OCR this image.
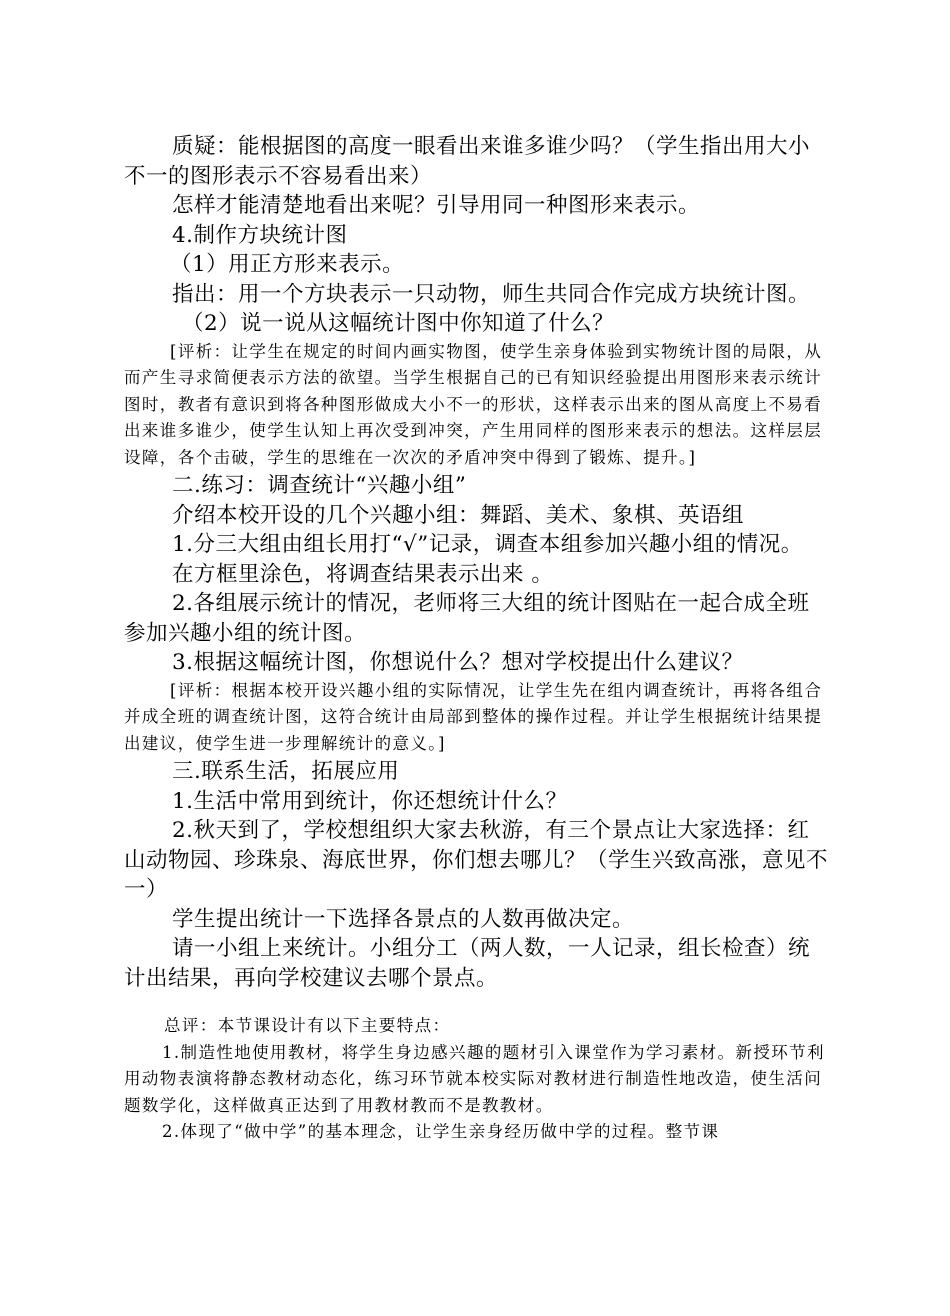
质疑：能根据图的高度一眼看出来谁多谁少吗？（学生指出用大小不一的图形表示不容易看出来）

怎样才能清楚地看出来呢？引导用同一种图形来表示。

4.制作方块统计图

（1）用正方形来表示。

指出：用一个方块表示一只动物，师生共同合作完成方块统计图。

（2）说一说从这幅统计图中你知道了什么？

[评析：让学生在规定的时间内画实物图，使学生亲身体验到实物统计图的局限，从而产生寻求简便表示方法的欲望。当学生根据自己的已有知识经验提出用图形来表示统计图时，教者有意识到将各种图形做成大小不一的形状，这样表示出来的图从高度上不易看出来谁多谁少，使学生认知上再次受到冲突，产生用同样的图形来表示的想法。这样层层设障，各个击破，学生的思维在一次次的矛盾冲突中得到了锻炼、提升。]

二.练习：调查统计“兴趣小组”

介绍本校开设的几个兴趣小组：舞蹈、美术、象棋、英语组

1.分三大组由组长用打“√”记录，调查本组参加兴趣小组的情况。

在方框里涂色，将调查结果表示出来 。

2.各组展示统计的情况，老师将三大组的统计图贴在一起合成全班参加兴趣小组的统计图。

3.根据这幅统计图，你想说什么？想对学校提出什么建议？

[评析：根据本校开设兴趣小组的实际情况，让学生先在组内调查统计，再将各组合并成全班的调查统计图，这符合统计由局部到整体的操作过程。并让学生根据统计结果提出建议，使学生进一步理解统计的意义。]

三.联系生活，拓展应用

1.生活中常用到统计，你还想统计什么？

2.秋天到了，学校想组织大家去秋游，有三个景点让大家选择：红山动物园、珍珠泉、海底世界，你们想去哪儿？（学生兴致高涨，意见不一）

学生提出统计一下选择各景点的人数再做决定。

请一小组上来统计。小组分工（两人数，一人记录，组长检查）统计出结果，再向学校建议去哪个景点。

总评：本节课设计有以下主要特点：

1.制造性地使用教材，将学生身边感兴趣的题材引入课堂作为学习素材。新授环节利用动物表演将静态教材动态化，练习环节就本校实际对教材进行制造性地改造，使生活问题数学化，这样做真正达到了用教材教而不是教教材。

2.体现了“做中学”的基本理念，让学生亲身经历做中学的过程。整节课
